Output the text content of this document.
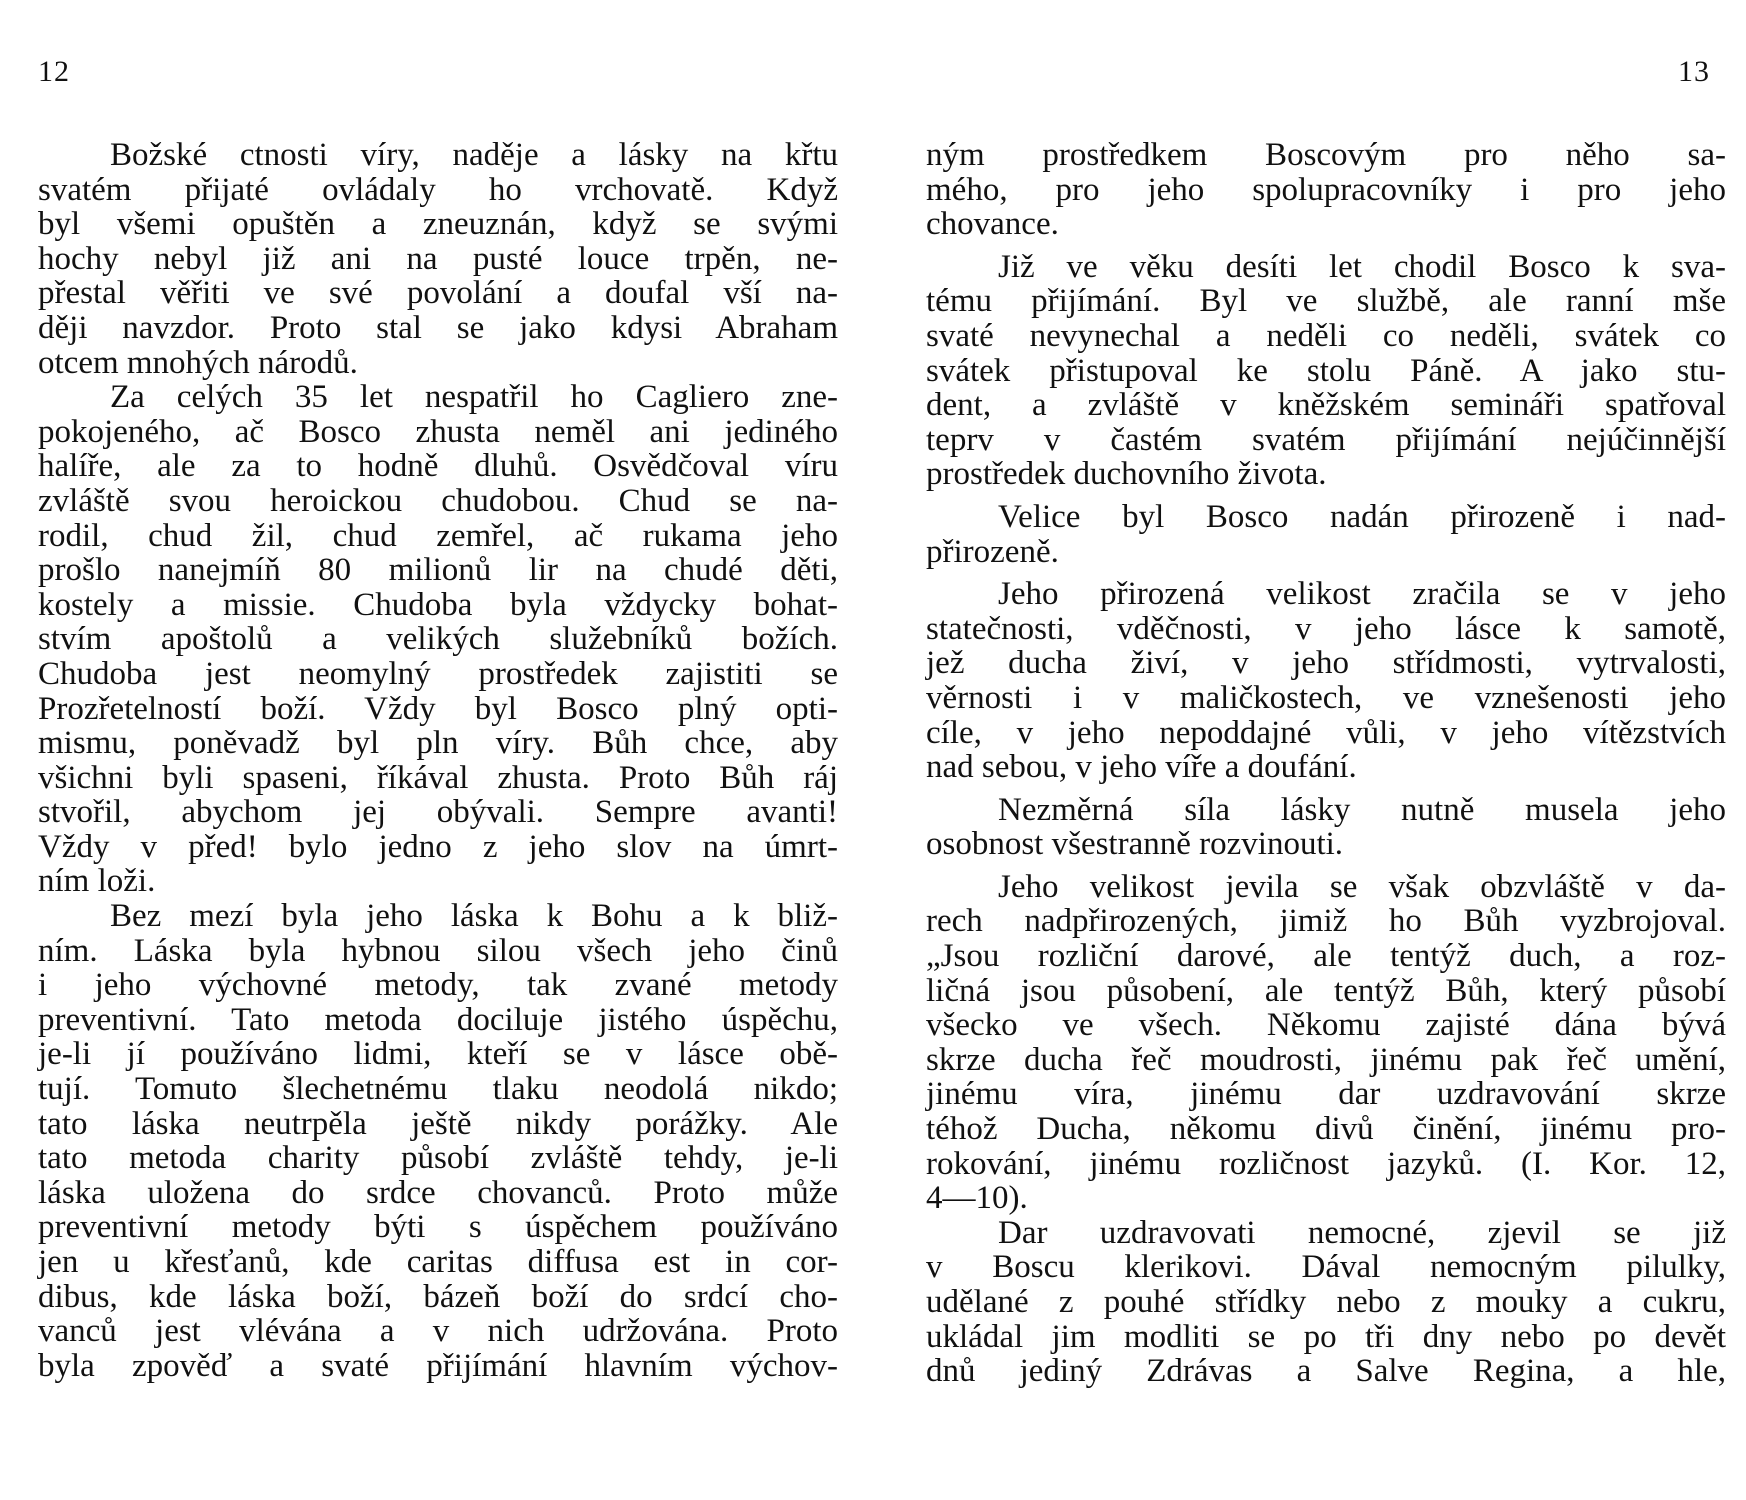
12	13
Božské ctnosti víry, naděje a lásky na křtu
svatém přijaté ovládaly ho vrchovatě. Když
byl všemi opuštěn a zneuznán, když se svými
hochy nebyl již ani na pusté louce trpěn, ne-
přestal věřiti ve své povolání a doufal vší na-
ději navzdor. Proto stal se jako kdysi Abraham
otcem mnohých národů.
Za celých 35 let nespatřil ho Cagliero zne-
pokojeného, ač Bosco zhusta neměl ani jediného
halíře, ale za to hodně dluhů. Osvědčoval víru
zvláště svou heroickou chudobou. Chud se na-
rodil, chud žil, chud zemřel, ač rukama jeho
prošlo nanejmíň 80 milionů lir na chudé děti,
kostely a missie. Chudoba byla vždycky bohat-
stvím apoštolů a velikých služebníků božích.
Chudoba jest neomylný prostředek zajistiti se
Prozřetelností boží. Vždy byl Bosco plný opti-
mismu, poněvadž byl pln víry. Bůh chce, aby
všichni byli spaseni, říkával zhusta. Proto Bůh ráj
stvořil, abychom jej obývali. Sempre avanti!
Vždy v před! bylo jedno z jeho slov na úmrt-
ním loži.
Bez mezí byla jeho láska k Bohu a k bliž-
ním. Láska byla hybnou silou všech jeho činů
i jeho výchovné metody, tak zvané metody
preventivní. Tato metoda dociluje jistého úspěchu,
je-li jí používáno lidmi, kteří se v lásce obě-
tují. Tomuto šlechetnému tlaku neodolá nikdo;
tato láska neutrpěla ještě nikdy porážky. Ale
tato metoda charity působí zvláště tehdy, je-li
láska uložena do srdce chovanců. Proto může
preventivní metody býti s úspěchem používáno
jen u křesťanů, kde caritas diffusa est in cor-
dibus, kde láska boží, bázeň boží do srdcí cho-
vanců jest vlévána a v nich udržována. Proto
byla zpověď a svaté přijímání hlavním výchov-
ným prostředkem Boscovým pro něho sa-
mého, pro jeho spolupracovníky i pro jeho
chovance.
Již ve věku desíti let chodil Bosco k sva-
tému přijímání. Byl ve službě, ale ranní mše
svaté nevynechal a neděli co neděli, svátek co
svátek přistupoval ke stolu Páně. A jako stu-
dent, a zvláště v kněžském semináři spatřoval
teprv v častém svatém přijímání nejúčinnější
prostředek duchovního života.
Velice byl Bosco nadán přirozeně i nad-
přirozeně.
Jeho přirozená velikost zračila se v jeho
statečnosti, vděčnosti, v jeho lásce k samotě,
jež ducha živí, v jeho střídmosti, vytrvalosti,
věrnosti i v maličkostech, ve vznešenosti jeho
cíle, v jeho nepoddajné vůli, v jeho vítězstvích
nad sebou, v jeho víře a doufání.
Nezměrná síla lásky nutně musela jeho
osobnost všestranně rozvinouti.
Jeho velikost jevila se však obzvláště v da-
rech nadpřirozených, jimiž ho Bůh vyzbrojoval.
„Jsou rozliční darové, ale tentýž duch, a roz-
ličná jsou působení, ale tentýž Bůh, který působí
všecko ve všech. Někomu zajisté dána bývá
skrze ducha řeč moudrosti, jinému pak řeč umění,
jinému víra, jinému dar uzdravování skrze
téhož Ducha, někomu divů činění, jinému pro-
rokování, jinému rozličnost jazyků. (I. Kor. 12,
4—10).
Dar uzdravovati nemocné, zjevil se již
v Boscu klerikovi. Dával nemocným pilulky,
udělané z pouhé střídky nebo z mouky a cukru,
ukládal jim modliti se po tři dny nebo po devět
dnů jediný Zdrávas a Salve Regina, a hle,
